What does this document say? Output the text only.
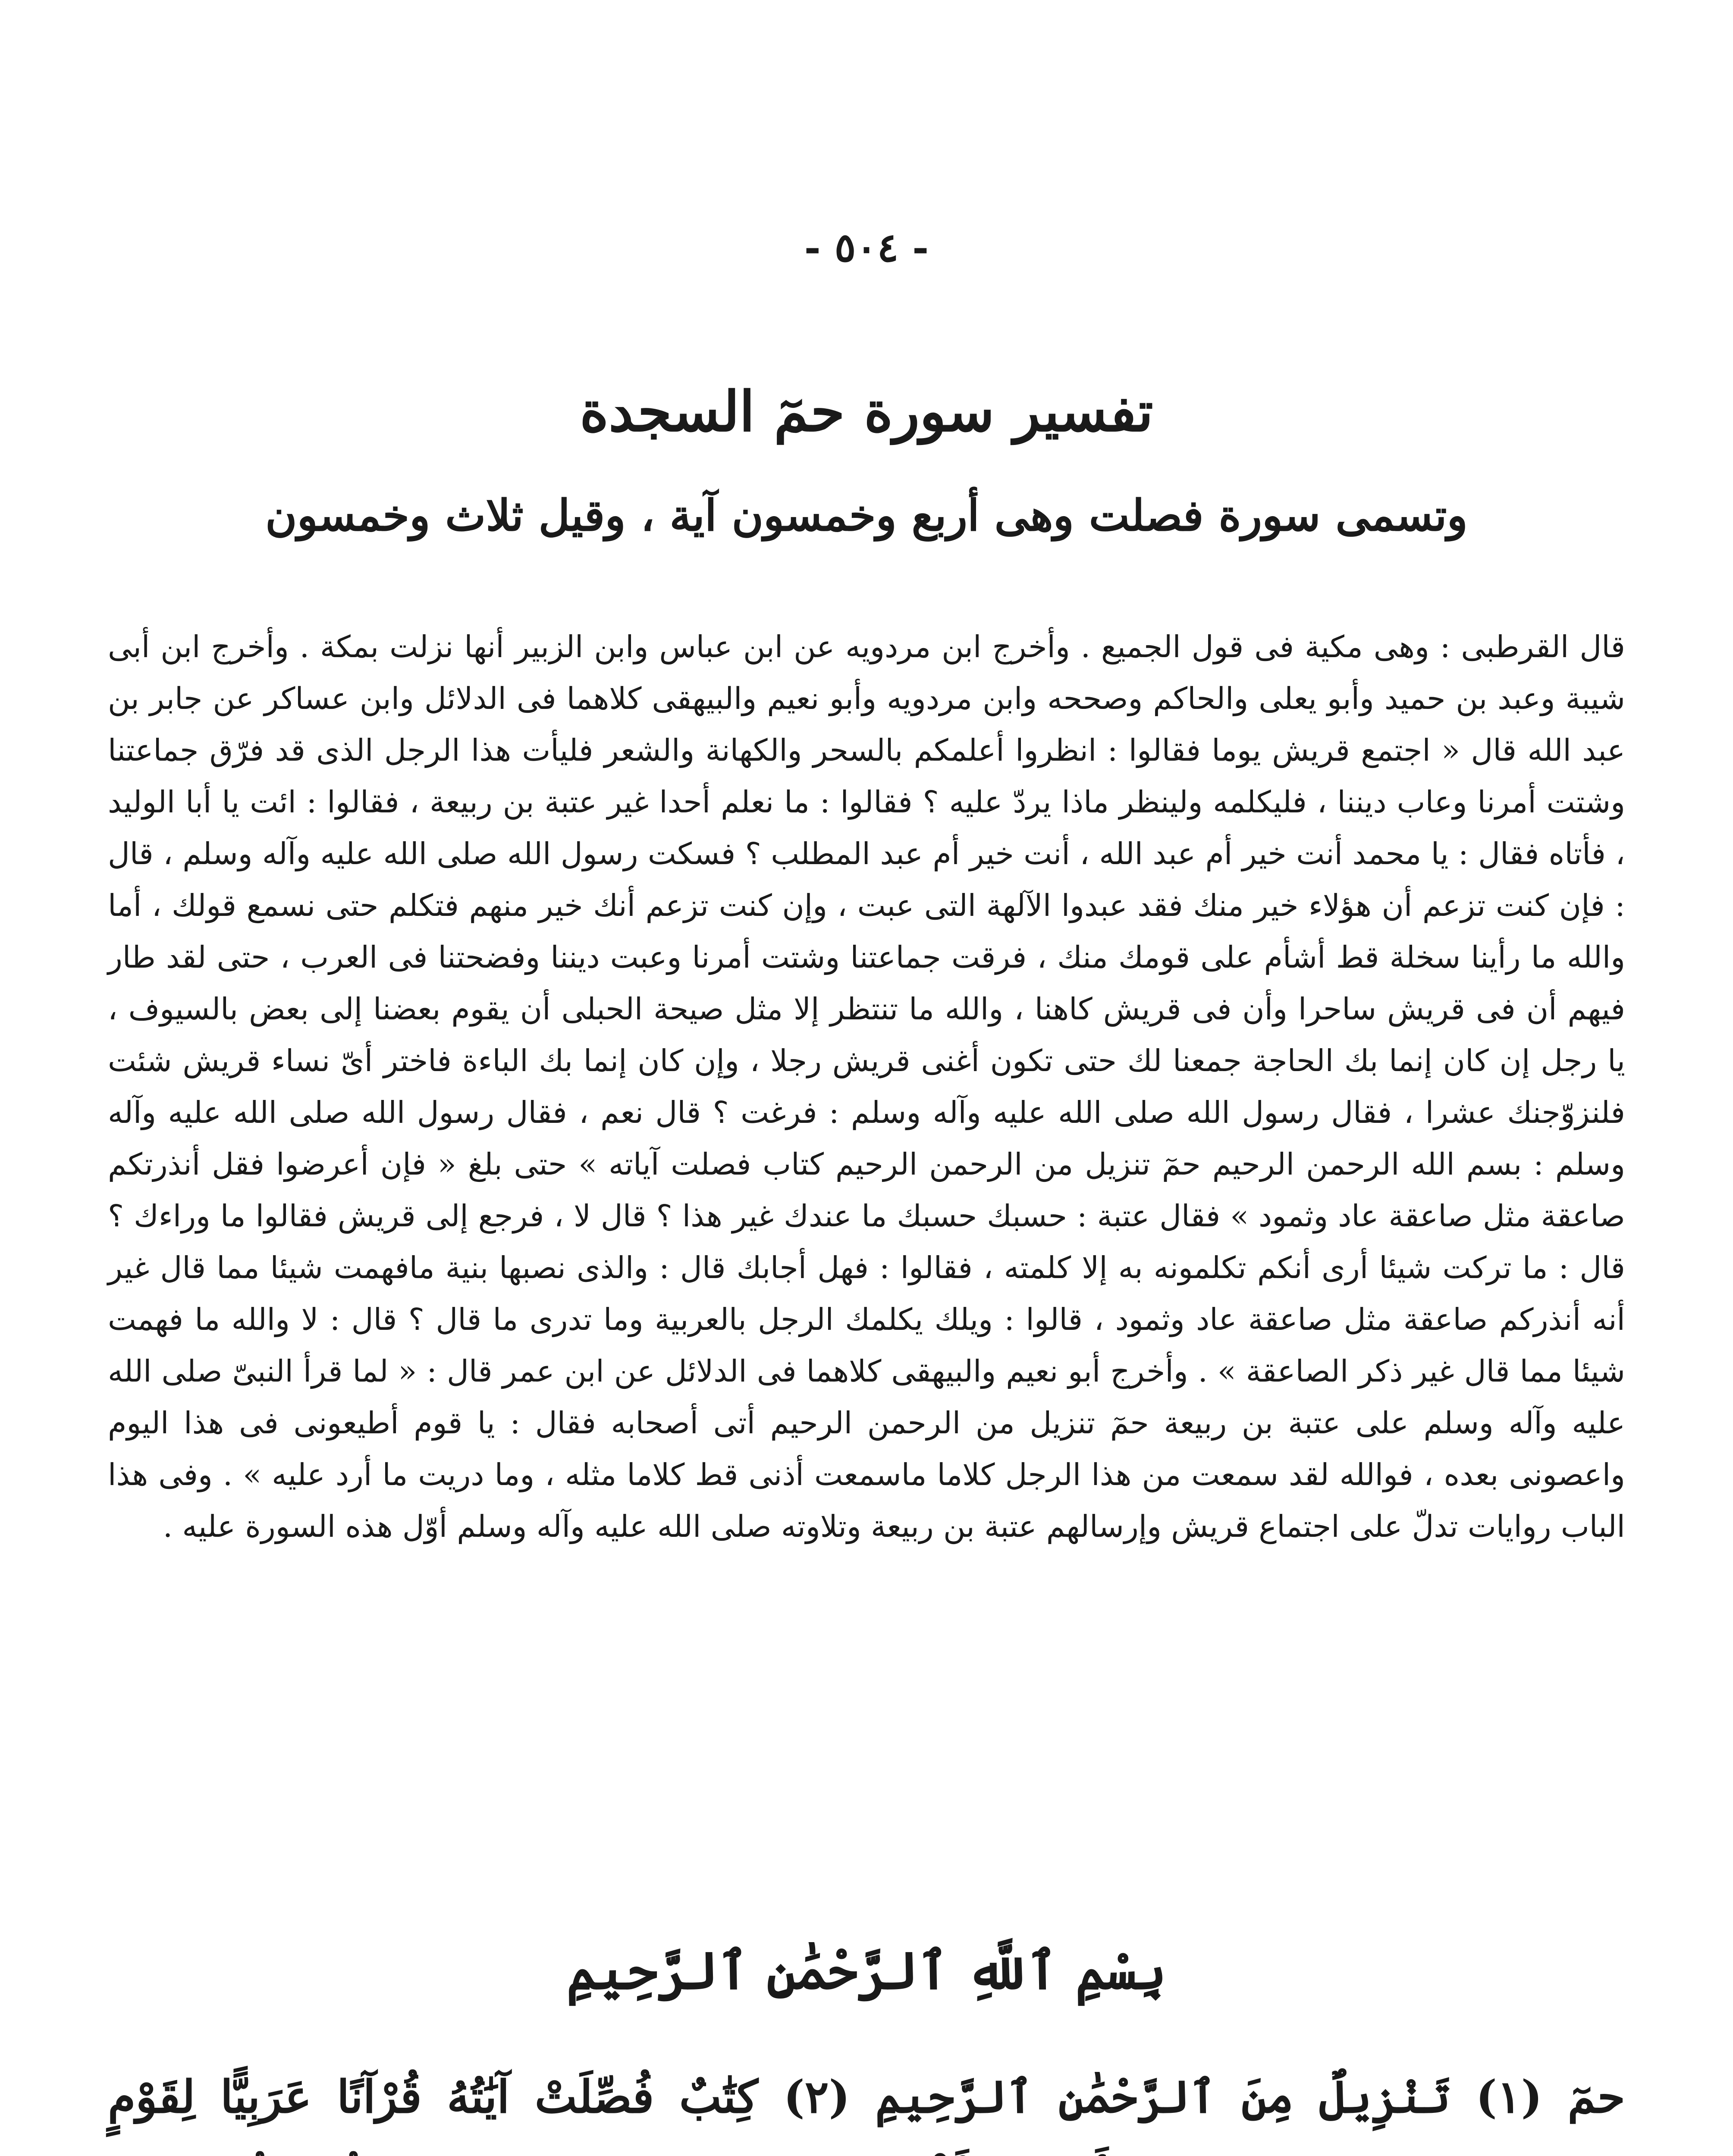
- ٥٠٤ -
تفسير سورة حمٓ السجدة
وتسمى سورة فصلت وهى أربع وخمسون آية ، وقيل ثلاث وخمسون

قال القرطبى : وهى مكية فى قول الجميع . وأخرج ابن مردويه عن ابن عباس وابن الزبير أنها نزلت بمكة . وأخرج ابن أبى شيبة وعبد بن حميد وأبو يعلى والحاكم وصححه وابن مردويه وأبو نعيم والبيهقى كلاهما فى الدلائل وابن عساكر عن جابر بن عبد الله قال « اجتمع قريش يوما فقالوا : انظروا أعلمكم بالسحر والكهانة والشعر فليأت هذا الرجل الذى قد فرّق جماعتنا وشتت أمرنا وعاب ديننا ، فليكلمه ولينظر ماذا يردّ عليه ؟ فقالوا : ما نعلم أحدا غير عتبة بن ربيعة ، فقالوا : ائت يا أبا الوليد ، فأتاه فقال : يا محمد أنت خير أم عبد الله ، أنت خير أم عبد المطلب ؟ فسكت رسول الله صلى الله عليه وآله وسلم ، قال : فإن كنت تزعم أن هؤلاء خير منك فقد عبدوا الآلهة التى عبت ، وإن كنت تزعم أنك خير منهم فتكلم حتى نسمع قولك ، أما والله ما رأينا سخلة قط أشأم على قومك منك ، فرقت جماعتنا وشتت أمرنا وعبت ديننا وفضحتنا فى العرب ، حتى لقد طار فيهم أن فى قريش ساحرا وأن فى قريش كاهنا ، والله ما تنتظر إلا مثل صيحة الحبلى أن يقوم بعضنا إلى بعض بالسيوف ، يا رجل إن كان إنما بك الحاجة جمعنا لك حتى تكون أغنى قريش رجلا ، وإن كان إنما بك الباءة فاختر أىّ نساء قريش شئت فلنزوّجنك عشرا ، فقال رسول الله صلى الله عليه وآله وسلم : فرغت ؟ قال نعم ، فقال رسول الله صلى الله عليه وآله وسلم : بسم الله الرحمن الرحيم حمٓ تنزيل من الرحمن الرحيم كتاب فصلت آياته » حتى بلغ « فإن أعرضوا فقل أنذرتكم صاعقة مثل صاعقة عاد وثمود » فقال عتبة : حسبك حسبك ما عندك غير هذا ؟ قال لا ، فرجع إلى قريش فقالوا ما وراءك ؟ قال : ما تركت شيئا أرى أنكم تكلمونه به إلا كلمته ، فقالوا : فهل أجابك قال : والذى نصبها بنية مافهمت شيئا مما قال غير أنه أنذركم صاعقة مثل صاعقة عاد وثمود ، قالوا : ويلك يكلمك الرجل بالعربية وما تدرى ما قال ؟ قال : لا والله ما فهمت شيئا مما قال غير ذكر الصاعقة » . وأخرج أبو نعيم والبيهقى كلاهما فى الدلائل عن ابن عمر قال : « لما قرأ النبىّ صلى الله عليه وآله وسلم على عتبة بن ربيعة حمٓ تنزيل من الرحمن الرحيم أتى أصحابه فقال : يا قوم أطيعونى فى هذا اليوم واعصونى بعده ، فوالله لقد سمعت من هذا الرجل كلاما ماسمعت أذنى قط كلاما مثله ، وما دريت ما أرد عليه » . وفى هذا الباب روايات تدلّ على اجتماع قريش وإرسالهم عتبة بن ربيعة وتلاوته صلى الله عليه وآله وسلم أوّل هذه السورة عليه .

بِسْمِ ٱللَّهِ ٱلرَّحْمَٰنِ ٱلرَّحِيمِ
حمٓ (١) تَنْزِيلٌ مِنَ ٱلرَّحْمَٰنِ ٱلرَّحِيمِ (٢) كِتَٰبٌ فُصِّلَتْ آيَٰتُهُ قُرْآنًا عَرَبِيًّا لِقَوْمٍ
